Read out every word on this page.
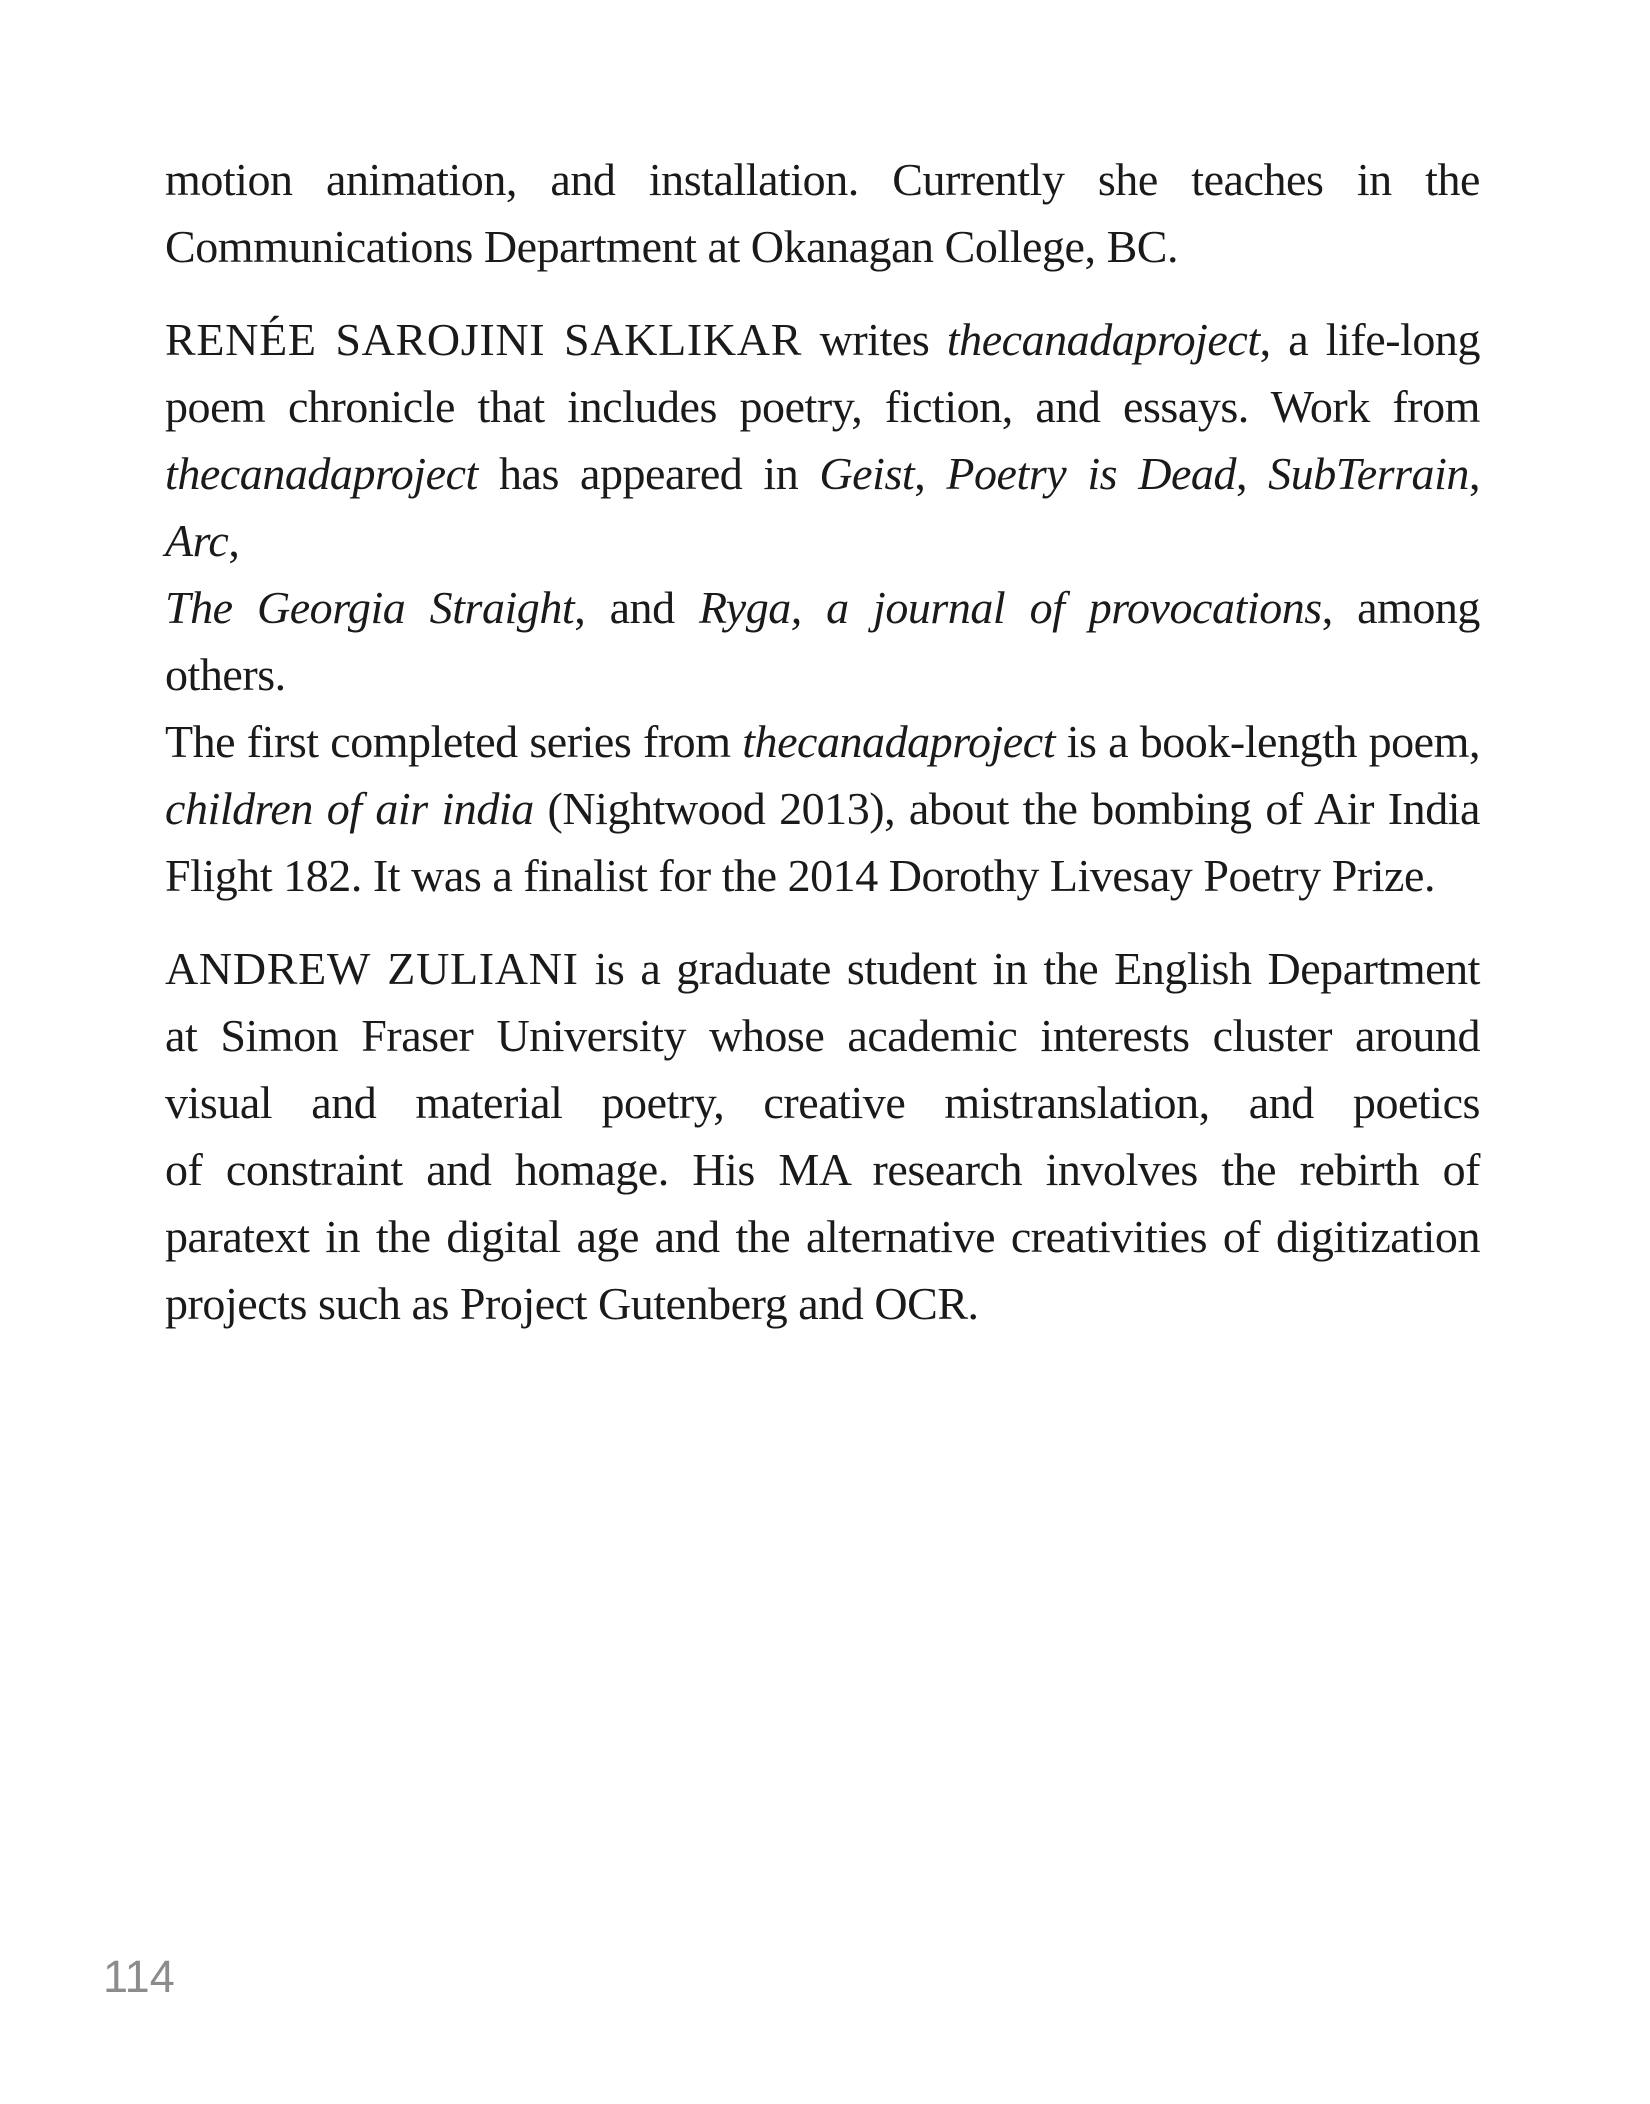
motion animation, and installation. Currently she teaches in the
Communications Department at Okanagan College, BC.
RENÉE SAROJINI SAKLIKAR writes thecanadaproject, a life-long
poem chronicle that includes poetry, fiction, and essays. Work from
thecanadaproject has appeared in Geist, Poetry is Dead, SubTerrain, Arc,
The Georgia Straight, and Ryga, a journal of provocations, among others.
The first completed series from thecanadaproject is a book-length poem,
children of air india (Nightwood 2013), about the bombing of Air India
Flight 182. It was a finalist for the 2014 Dorothy Livesay Poetry Prize.
ANDREW ZULIANI is a graduate student in the English Department
at Simon Fraser University whose academic interests cluster around
visual and material poetry, creative mistranslation, and poetics
of constraint and homage. His MA research involves the rebirth of
paratext in the digital age and the alternative creativities of digitization
projects such as Project Gutenberg and OCR.
114
